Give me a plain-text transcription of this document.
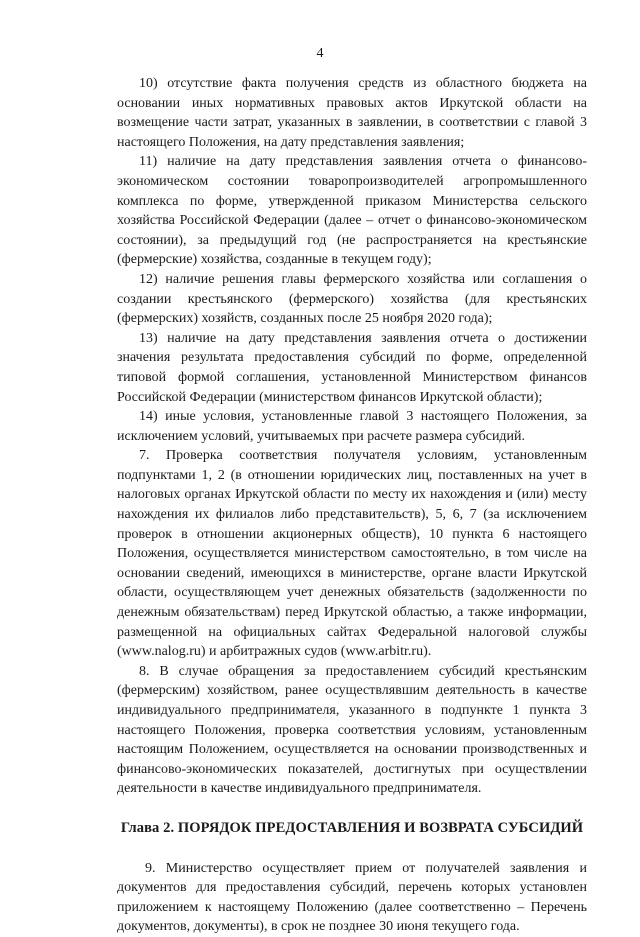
4

10) отсутствие факта получения средств из областного бюджета на основании иных нормативных правовых актов Иркутской области на возмещение части затрат, указанных в заявлении, в соответствии с главой 3 настоящего Положения, на дату представления заявления;

11) наличие на дату представления заявления отчета о финансово-экономическом состоянии товаропроизводителей агропромышленного комплекса по форме, утвержденной приказом Министерства сельского хозяйства Российской Федерации (далее – отчет о финансово-экономическом состоянии), за предыдущий год (не распространяется на крестьянские (фермерские) хозяйства, созданные в текущем году);

12) наличие решения главы фермерского хозяйства или соглашения о создании крестьянского (фермерского) хозяйства (для крестьянских (фермерских) хозяйств, созданных после 25 ноября 2020 года);

13) наличие на дату представления заявления отчета о достижении значения результата предоставления субсидий по форме, определенной типовой формой соглашения, установленной Министерством финансов Российской Федерации (министерством финансов Иркутской области);

14) иные условия, установленные главой 3 настоящего Положения, за исключением условий, учитываемых при расчете размера субсидий.

7. Проверка соответствия получателя условиям, установленным подпунктами 1, 2 (в отношении юридических лиц, поставленных на учет в налоговых органах Иркутской области по месту их нахождения и (или) месту нахождения их филиалов либо представительств), 5, 6, 7 (за исключением проверок в отношении акционерных обществ), 10 пункта 6 настоящего Положения, осуществляется министерством самостоятельно, в том числе на основании сведений, имеющихся в министерстве, органе власти Иркутской области, осуществляющем учет денежных обязательств (задолженности по денежным обязательствам) перед Иркутской областью, а также информации, размещенной на официальных сайтах Федеральной налоговой службы (www.nalog.ru) и арбитражных судов (www.arbitr.ru).

8. В случае обращения за предоставлением субсидий крестьянским (фермерским) хозяйством, ранее осуществлявшим деятельность в качестве индивидуального предпринимателя, указанного в подпункте 1 пункта 3 настоящего Положения, проверка соответствия условиям, установленным настоящим Положением, осуществляется на основании производственных и финансово-экономических показателей, достигнутых при осуществлении деятельности в качестве индивидуального предпринимателя.

Глава 2. ПОРЯДОК ПРЕДОСТАВЛЕНИЯ И ВОЗВРАТА СУБСИДИЙ

9. Министерство осуществляет прием от получателей заявления и документов для предоставления субсидий, перечень которых установлен приложением к настоящему Положению (далее соответственно – Перечень документов, документы), в срок не позднее 30 июня текущего года.
